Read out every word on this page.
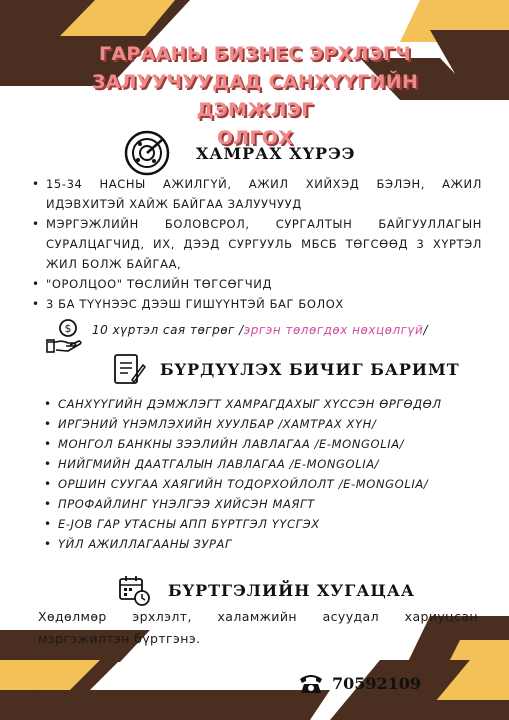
ГАРААНЫ БИЗНЕС ЭРХЛЭГЧ
ЗАЛУУЧУУДАД САНХҮҮГИЙН ДЭМЖЛЭГ
ОЛГОХ
ХАМРАХ ХҮРЭЭ
• 15-34 НАСНЫ АЖИЛГҮЙ, АЖИЛ ХИЙХЭД БЭЛЭН, АЖИЛ ИДЭВХИТЭЙ ХАЙЖ БАЙГАА ЗАЛУУЧУУД
• МЭРГЭЖЛИЙН БОЛОВСРОЛ, СУРГАЛТЫН БАЙГУУЛЛАГЫН СУРАЛЦАГЧИД, ИХ, ДЭЭД СУРГУУЛЬ МБСБ ТӨГСӨӨД 3 ХҮРТЭЛ ЖИЛ БОЛЖ БАЙГАА,
• "ОРОЛЦОО" ТӨСЛИЙН ТӨГСӨГЧИД
• 3 БА ТҮҮНЭЭС ДЭЭШ ГИШҮҮНТЭЙ БАГ БОЛОХ
$ 10 хүртэл сая төгрөг /эргэн төлөгдөх нөхцөлгүй/
БҮРДҮҮЛЭХ БИЧИГ БАРИМТ
• САНХҮҮГИЙН ДЭМЖЛЭГТ ХАМРАГДАХЫГ ХҮССЭН ӨРГӨДӨЛ
• ИРГЭНИЙ ҮНЭМЛЭХИЙН ХУУЛБАР /ХАМТРАХ ХҮН/
• МОНГОЛ БАНКНЫ ЗЭЭЛИЙН ЛАВЛАГАА /E-MONGOLIA/
• НИЙГМИЙН ДААТГАЛЫН ЛАВЛАГАА /E-MONGOLIA/
• ОРШИН СУУГАА ХАЯГИЙН ТОДОРХОЙЛОЛТ /E-MONGOLIA/
• ПРОФАЙЛИНГ ҮНЭЛГЭЭ ХИЙСЭН МАЯГТ
• E-JOB ГАР УТАСНЫ АПП БҮРТГЭЛ ҮҮСГЭХ
• ҮЙЛ АЖИЛЛАГААНЫ ЗУРАГ
БҮРТГЭЛИЙН ХУГАЦАА
Хөдөлмөр эрхлэлт, халамжийн асуудал хариуцсан мэргэжилтэн бүртгэнэ.
70592109
